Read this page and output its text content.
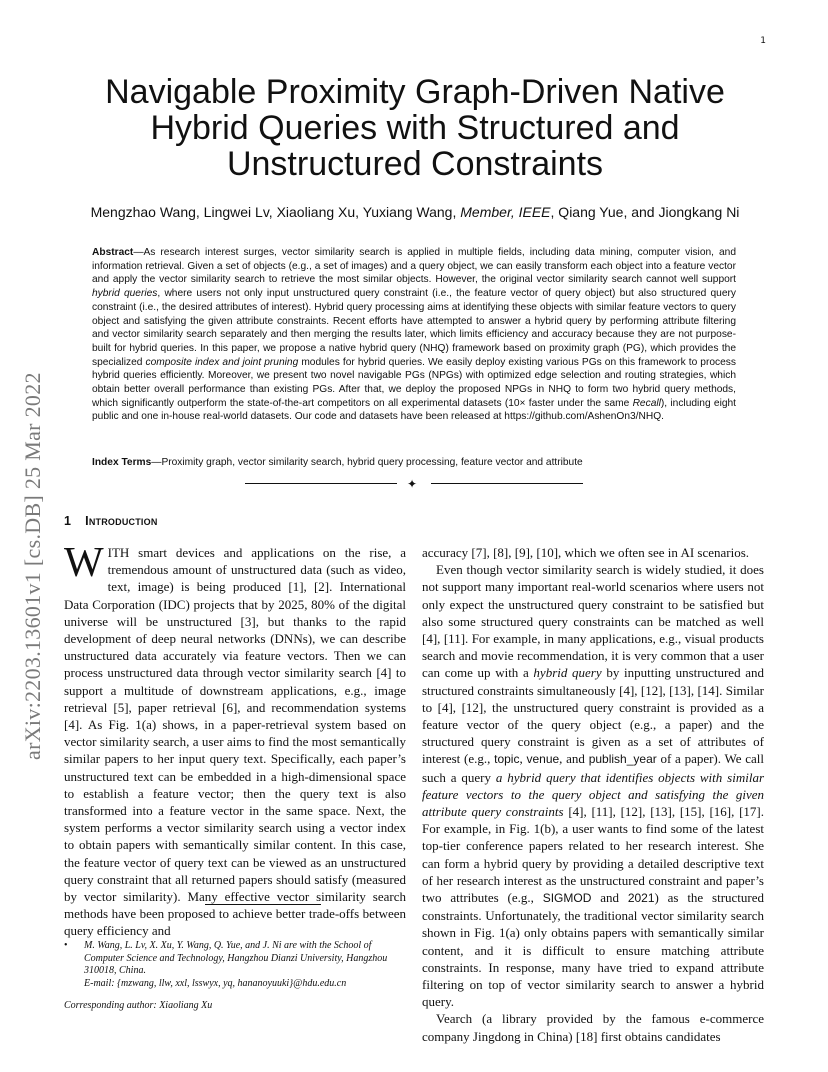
1
arXiv:2203.13601v1 [cs.DB] 25 Mar 2022
Navigable Proximity Graph-Driven Native Hybrid Queries with Structured and Unstructured Constraints
Mengzhao Wang, Lingwei Lv, Xiaoliang Xu, Yuxiang Wang, Member, IEEE, Qiang Yue, and Jiongkang Ni
Abstract—As research interest surges, vector similarity search is applied in multiple fields, including data mining, computer vision, and information retrieval. Given a set of objects (e.g., a set of images) and a query object, we can easily transform each object into a feature vector and apply the vector similarity search to retrieve the most similar objects. However, the original vector similarity search cannot well support hybrid queries, where users not only input unstructured query constraint (i.e., the feature vector of query object) but also structured query constraint (i.e., the desired attributes of interest). Hybrid query processing aims at identifying these objects with similar feature vectors to query object and satisfying the given attribute constraints. Recent efforts have attempted to answer a hybrid query by performing attribute filtering and vector similarity search separately and then merging the results later, which limits efficiency and accuracy because they are not purpose-built for hybrid queries. In this paper, we propose a native hybrid query (NHQ) framework based on proximity graph (PG), which provides the specialized composite index and joint pruning modules for hybrid queries. We easily deploy existing various PGs on this framework to process hybrid queries efficiently. Moreover, we present two novel navigable PGs (NPGs) with optimized edge selection and routing strategies, which obtain better overall performance than existing PGs. After that, we deploy the proposed NPGs in NHQ to form two hybrid query methods, which significantly outperform the state-of-the-art competitors on all experimental datasets (10× faster under the same Recall), including eight public and one in-house real-world datasets. Our code and datasets have been released at https://github.com/AshenOn3/NHQ.
Index Terms—Proximity graph, vector similarity search, hybrid query processing, feature vector and attribute
✦
1 Introduction

WITH smart devices and applications on the rise, a tremendous amount of unstructured data (such as video, text, image) is being produced [1], [2]. International Data Corporation (IDC) projects that by 2025, 80% of the digital universe will be unstructured [3], but thanks to the rapid development of deep neural networks (DNNs), we can describe unstructured data accurately via feature vectors. Then we can process unstructured data through vector similarity search [4] to support a multitude of downstream applications, e.g., image retrieval [5], paper retrieval [6], and recommendation systems [4]. As Fig. 1(a) shows, in a paper-retrieval system based on vector similarity search, a user aims to find the most semantically similar papers to her input query text. Specifically, each paper’s unstructured text can be embedded in a high-dimensional space to establish a feature vector; then the query text is also transformed into a feature vector in the same space. Next, the system performs a vector similarity search using a vector index to obtain papers with semantically similar content. In this case, the feature vector of query text can be viewed as an unstructured query constraint that all returned papers should satisfy (measured by vector similarity). Many effective vector similarity search methods have been proposed to achieve better trade-offs between query efficiency and

• M. Wang, L. Lv, X. Xu, Y. Wang, Q. Yue, and J. Ni are with the School of Computer Science and Technology, Hangzhou Dianzi University, Hangzhou 310018, China.
E-mail: {mzwang, llw, xxl, lsswyx, yq, hananoyuuki}@hdu.edu.cn
Corresponding author: Xiaoliang Xu

accuracy [7], [8], [9], [10], which we often see in AI scenarios.

Even though vector similarity search is widely studied, it does not support many important real-world scenarios where users not only expect the unstructured query constraint to be satisfied but also some structured query constraints can be matched as well [4], [11]. For example, in many applications, e.g., visual products search and movie recommendation, it is very common that a user can come up with a hybrid query by inputting unstructured and structured constraints simultaneously [4], [12], [13], [14]. Similar to [4], [12], the unstructured query constraint is provided as a feature vector of the query object (e.g., a paper) and the structured query constraint is given as a set of attributes of interest (e.g., topic, venue, and publish_year of a paper). We call such a query a hybrid query that identifies objects with similar feature vectors to the query object and satisfying the given attribute query constraints [4], [11], [12], [13], [15], [16], [17]. For example, in Fig. 1(b), a user wants to find some of the latest top-tier conference papers related to her research interest. She can form a hybrid query by providing a detailed descriptive text of her research interest as the unstructured constraint and paper’s two attributes (e.g., SIGMOD and 2021) as the structured constraints. Unfortunately, the traditional vector similarity search shown in Fig. 1(a) only obtains papers with semantically similar content, and it is difficult to ensure matching attribute constraints. In response, many have tried to expand attribute filtering on top of vector similarity search to answer a hybrid query.

Vearch (a library provided by the famous e-commerce company Jingdong in China) [18] first obtains candidates
